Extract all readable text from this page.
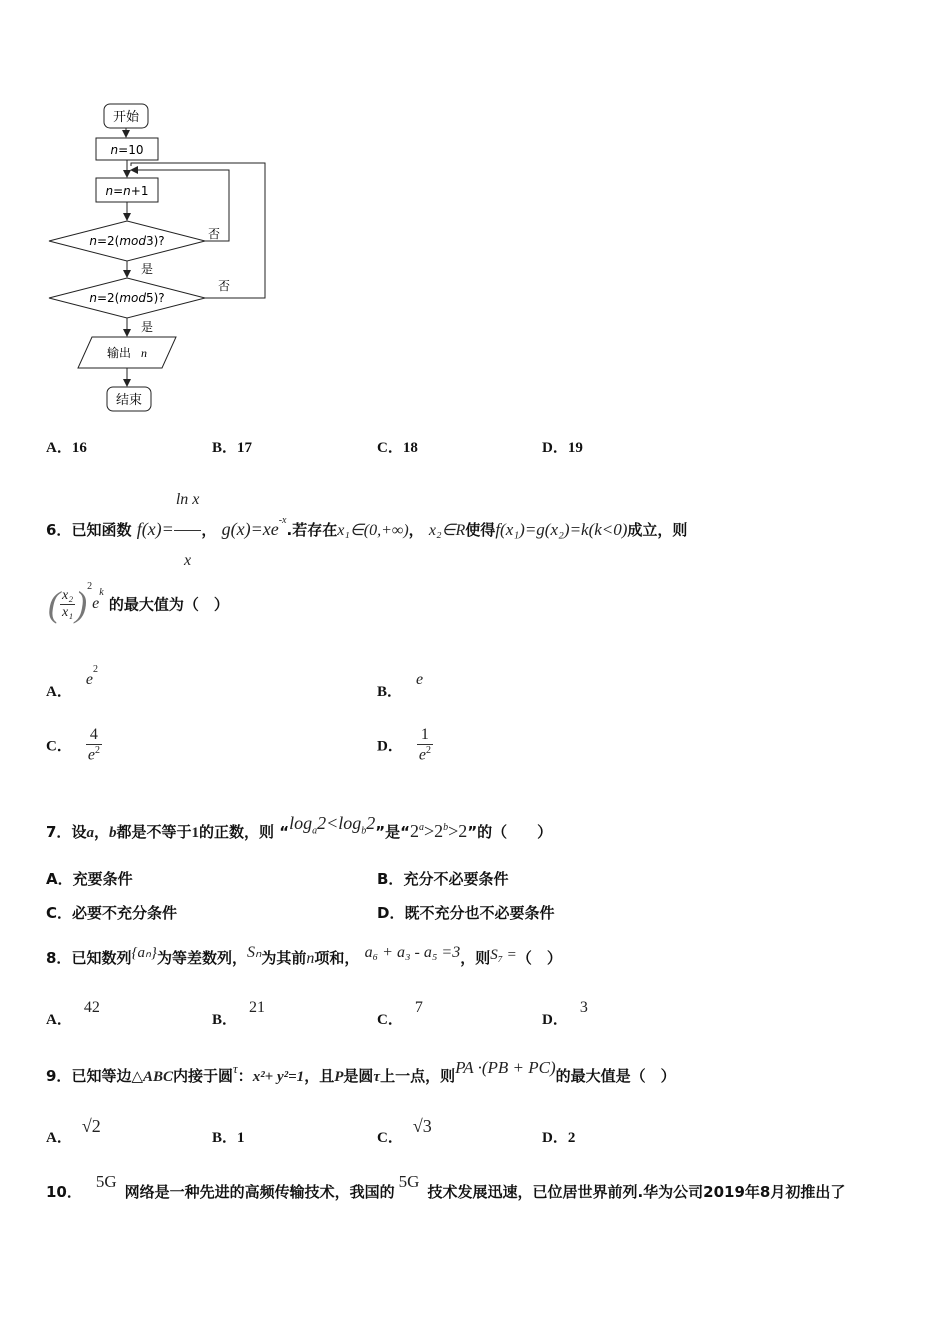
开始
n=10
n=n+1
n=2(mod3)?	否
是
n=2(mod5)?
否
是
输出 n
结束
A．16	B．17	C．18	D．19
6．已知函数 $f(x)= \frac{\text{ln x}}{x}$ ， $g(x)=xe^{-x}$.若存在x₁∈(0,+∞)， x₂∈R使得f(x₁)=g(x₂)=k(k<0)成立，则
( $\frac{\text{x₂}}{\text{x₁}} )^2e^k$ 的最大值为（　）
A．$e^2$
B．e
C． $\frac{4}{e^2}$	D． $\frac{1}{e^2}$
7．设a，b都是不等于1的正数，则 “$\log_a2<\log_b2$”是“$2^a>2^b>2$”的（　　）
A．充要条件	B．充分不必要条件
C．必要不充分条件	D．既不充分也不必要条件
8．已知数列{aₙ}为等差数列，Sₙ为其前n项和， a₆ + a₃ - a₅ =3，则S₇ =（　）
A．42
B．21
C．7
D．3
9．已知等边△ABC内接于圆τ：x²+ y²=1，且P是圆τ上一点，则PA ·(PB + PC)的最大值是（　）
A．√2
B．1	C．√3
D．2
10．5G网络是一种先进的高频传输技术，我国的5G技术发展迅速，已位居世界前列.华为公司2019年8月初推出了
